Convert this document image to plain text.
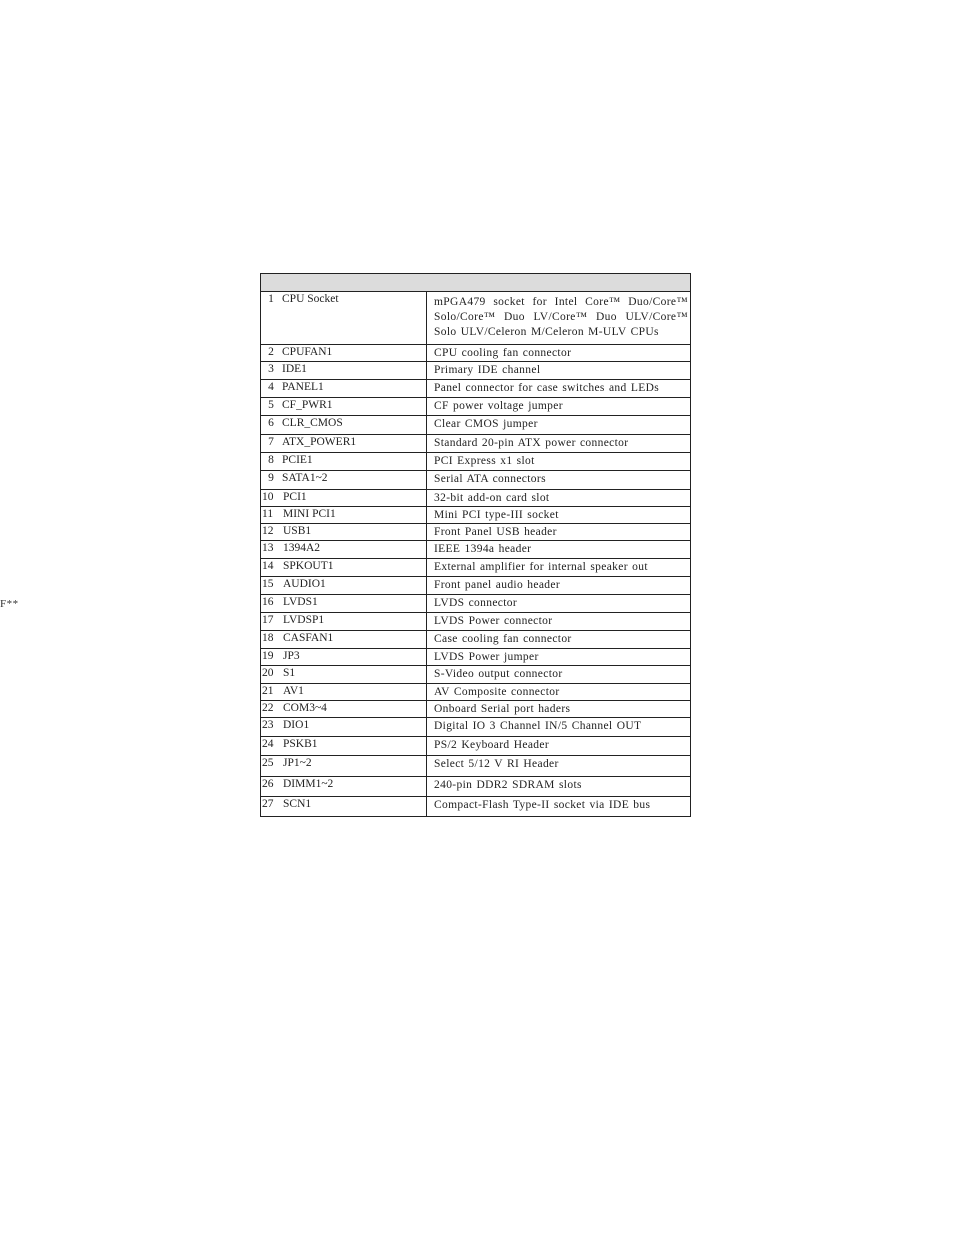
F**
1 CPU Socket	mPGA479 socket for Intel Core™ Duo/Core™ Solo/Core™ Duo LV/Core™ Duo ULV/Core™ Solo ULV/Celeron M/Celeron M-ULV CPUs
2 CPUFAN1	CPU cooling fan connector
3 IDE1	Primary IDE channel
4 PANEL1	Panel connector for case switches and LEDs
5 CF_PWR1	CF power voltage jumper
6 CLR_CMOS	Clear CMOS jumper
7 ATX_POWER1	Standard 20-pin ATX power connector
8 PCIE1	PCI Express x1 slot
9 SATA1~2	Serial ATA connectors
10 PCI1	32-bit add-on card slot
11 MINI PCI1	Mini PCI type-III socket
12 USB1	Front Panel USB header
13 1394A2	IEEE 1394a header
14 SPKOUT1	External amplifier for internal speaker out
15 AUDIO1	Front panel audio header
16 LVDS1	LVDS connector
17 LVDSP1	LVDS Power connector
18 CASFAN1	Case cooling fan connector
19 JP3	LVDS Power jumper
20 S1	S-Video output connector
21 AV1	AV Composite connector
22 COM3~4	Onboard Serial port haders
23 DIO1	Digital IO 3 Channel IN/5 Channel OUT
24 PSKB1	PS/2 Keyboard Header
25 JP1~2	Select 5/12 V RI Header
26 DIMM1~2	240-pin DDR2 SDRAM slots
27 SCN1	Compact-Flash Type-II socket via IDE bus
